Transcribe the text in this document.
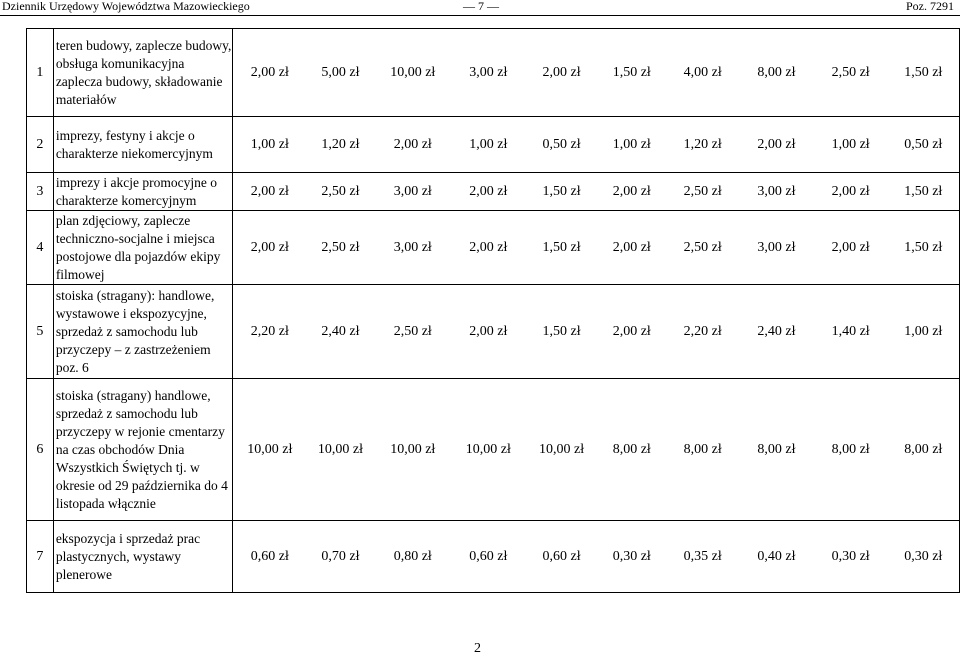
Dziennik Urzędowy Województwa Mazowieckiego	— 7 —	Poz. 7291
1	teren budowy, zaplecze budowy, obsługa komunikacyjna zaplecza budowy, składowanie materiałów	2,00 zł	5,00 zł	10,00 zł	3,00 zł	2,00 zł	1,50 zł	4,00 zł	8,00 zł	2,50 zł	1,50 zł
2	imprezy, festyny i akcje o charakterze niekomercyjnym	1,00 zł	1,20 zł	2,00 zł	1,00 zł	0,50 zł	1,00 zł	1,20 zł	2,00 zł	1,00 zł	0,50 zł
3	imprezy i akcje promocyjne o charakterze komercyjnym	2,00 zł	2,50 zł	3,00 zł	2,00 zł	1,50 zł	2,00 zł	2,50 zł	3,00 zł	2,00 zł	1,50 zł
4	plan zdjęciowy, zaplecze techniczno-socjalne i miejsca postojowe dla pojazdów ekipy filmowej	2,00 zł	2,50 zł	3,00 zł	2,00 zł	1,50 zł	2,00 zł	2,50 zł	3,00 zł	2,00 zł	1,50 zł
5	stoiska (stragany): handlowe, wystawowe i ekspozycyjne, sprzedaż z samochodu lub przyczepy – z zastrzeżeniem poz. 6	2,20 zł	2,40 zł	2,50 zł	2,00 zł	1,50 zł	2,00 zł	2,20 zł	2,40 zł	1,40 zł	1,00 zł
6	stoiska (stragany) handlowe, sprzedaż z samochodu lub przyczepy w rejonie cmentarzy na czas obchodów Dnia Wszystkich Świętych tj. w okresie od 29 października do 4 listopada włącznie	10,00 zł	10,00 zł	10,00 zł	10,00 zł	10,00 zł	8,00 zł	8,00 zł	8,00 zł	8,00 zł	8,00 zł
7	ekspozycja i sprzedaż prac plastycznych, wystawy plenerowe	0,60 zł	0,70 zł	0,80 zł	0,60 zł	0,60 zł	0,30 zł	0,35 zł	0,40 zł	0,30 zł	0,30 zł
2
